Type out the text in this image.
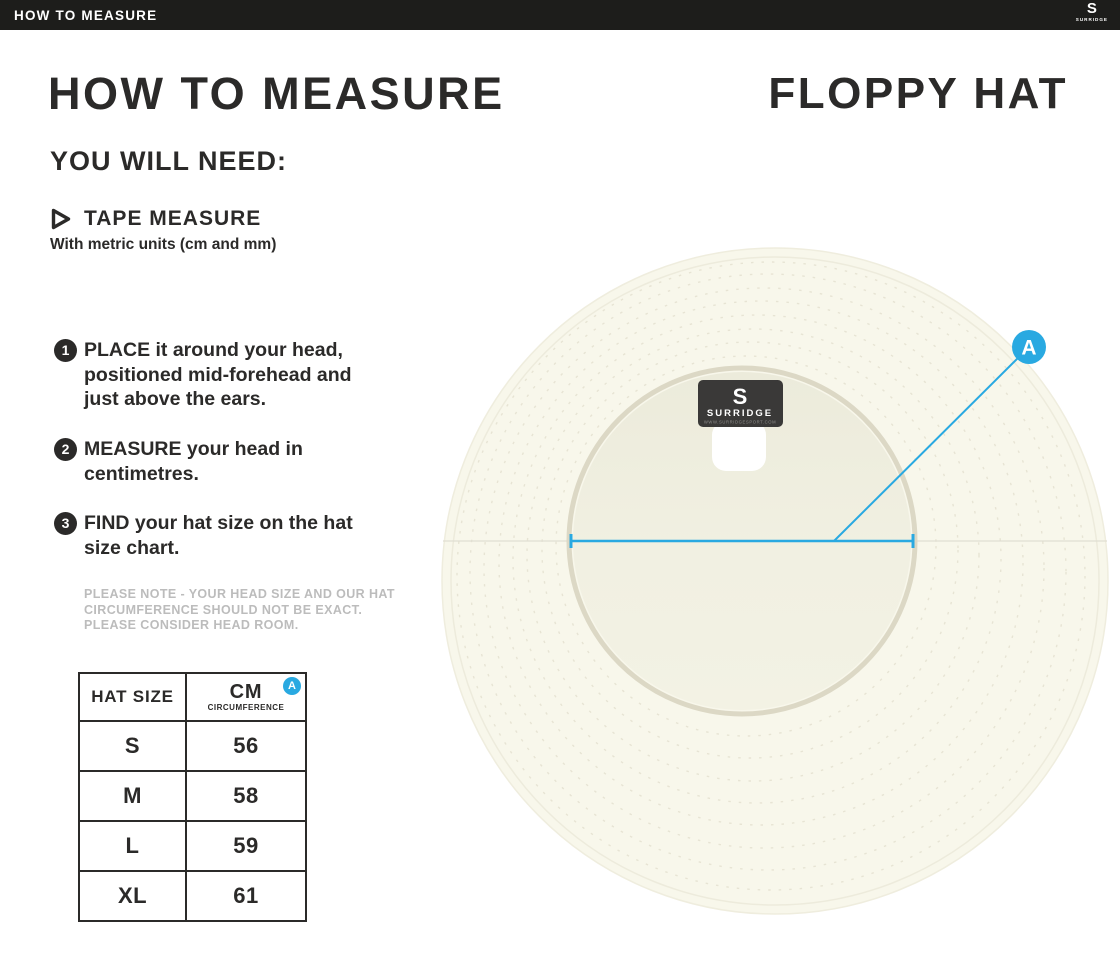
HOW TO MEASURE	S
SURRIDGE
HOW TO MEASURE	FLOPPY HAT
YOU WILL NEED:
TAPE MEASURE
With metric units (cm and mm)
1 PLACE it around your head,
positioned mid-forehead and
just above the ears.
2 MEASURE your head in
centimetres.
3 FIND your hat size on the hat
size chart.
PLEASE NOTE - YOUR HEAD SIZE AND OUR HAT
CIRCUMFERENCE SHOULD NOT BE EXACT.
PLEASE CONSIDER HEAD ROOM.
HAT SIZE	CM
CIRCUMFERENCE
A

S	56
M	58
L	59
XL	61
S
SURRIDGE
WWW.SURRIDGESPORT.COM
A
